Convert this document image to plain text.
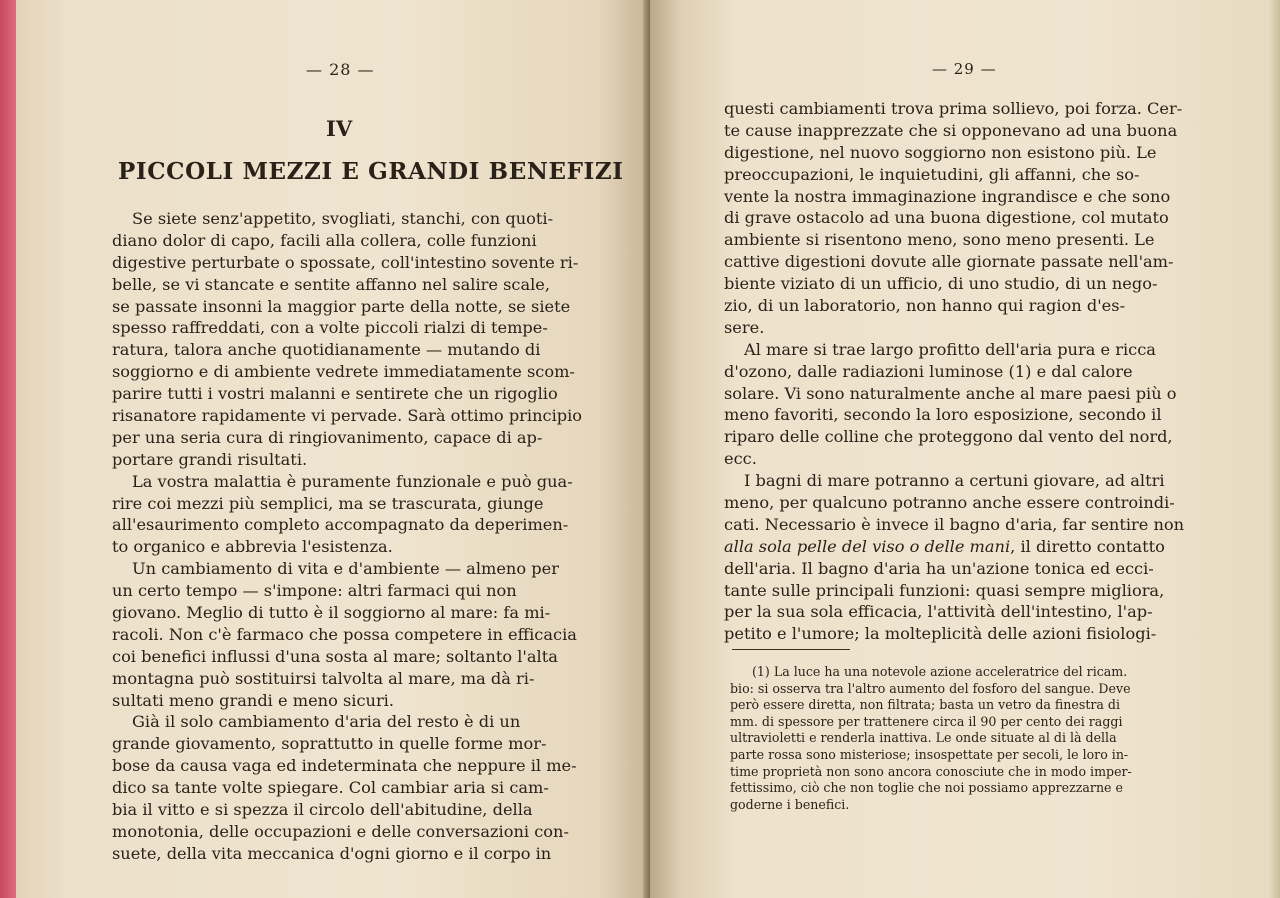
— 28 —
IV
PICCOLI MEZZI E GRANDI BENEFIZI
Se siete senz'appetito, svogliati, stanchi, con quoti-
diano dolor di capo, facili alla collera, colle funzioni
digestive perturbate o spossate, coll'intestino sovente ri-
belle, se vi stancate e sentite affanno nel salire scale,
se passate insonni la maggior parte della notte, se siete
spesso raffreddati, con a volte piccoli rialzi di tempe-
ratura, talora anche quotidianamente — mutando di
soggiorno e di ambiente vedrete immediatamente scom-
parire tutti i vostri malanni e sentirete che un rigoglio
risanatore rapidamente vi pervade. Sarà ottimo principio
per una seria cura di ringiovanimento, capace di ap-
portare grandi risultati.
La vostra malattia è puramente funzionale e può gua-
rire coi mezzi più semplici, ma se trascurata, giunge
all'esaurimento completo accompagnato da deperimen-
to organico e abbrevia l'esistenza.
Un cambiamento di vita e d'ambiente — almeno per
un certo tempo — s'impone: altri farmaci qui non
giovano. Meglio di tutto è il soggiorno al mare: fa mi-
racoli. Non c'è farmaco che possa competere in efficacia
coi benefici influssi d'una sosta al mare; soltanto l'alta
montagna può sostituirsi talvolta al mare, ma dà ri-
sultati meno grandi e meno sicuri.
Già il solo cambiamento d'aria del resto è di un
grande giovamento, soprattutto in quelle forme mor-
bose da causa vaga ed indeterminata che neppure il me-
dico sa tante volte spiegare. Col cambiar aria si cam-
bia il vitto e si spezza il circolo dell'abitudine, della
monotonia, delle occupazioni e delle conversazioni con-
suete, della vita meccanica d'ogni giorno e il corpo in
— 29 —
questi cambiamenti trova prima sollievo, poi forza. Cer-
te cause inapprezzate che si opponevano ad una buona
digestione, nel nuovo soggiorno non esistono più. Le
preoccupazioni, le inquietudini, gli affanni, che so-
vente la nostra immaginazione ingrandisce e che sono
di grave ostacolo ad una buona digestione, col mutato
ambiente si risentono meno, sono meno presenti. Le
cattive digestioni dovute alle giornate passate nell'am-
biente viziato di un ufficio, di uno studio, di un nego-
zio, di un laboratorio, non hanno qui ragion d'es-
sere.
Al mare si trae largo profitto dell'aria pura e ricca
d'ozono, dalle radiazioni luminose (1) e dal calore
solare. Vi sono naturalmente anche al mare paesi più o
meno favoriti, secondo la loro esposizione, secondo il
riparo delle colline che proteggono dal vento del nord,
ecc.
I bagni di mare potranno a certuni giovare, ad altri
meno, per qualcuno potranno anche essere controindi-
cati. Necessario è invece il bagno d'aria, far sentire non
alla sola pelle del viso o delle mani, il diretto contatto
dell'aria. Il bagno d'aria ha un'azione tonica ed ecci-
tante sulle principali funzioni: quasi sempre migliora,
per la sua sola efficacia, l'attività dell'intestino, l'ap-
petito e l'umore; la molteplicità delle azioni fisiologi-
(1) La luce ha una notevole azione acceleratrice del ricam.
bio: si osserva tra l'altro aumento del fosforo del sangue. Deve
però essere diretta, non filtrata; basta un vetro da finestra di
mm. di spessore per trattenere circa il 90 per cento dei raggi
ultravioletti e renderla inattiva. Le onde situate al di là della
parte rossa sono misteriose; insospettate per secoli, le loro in-
time proprietà non sono ancora conosciute che in modo imper-
fettissimo, ciò che non toglie che noi possiamo apprezzarne e
goderne i benefici.
